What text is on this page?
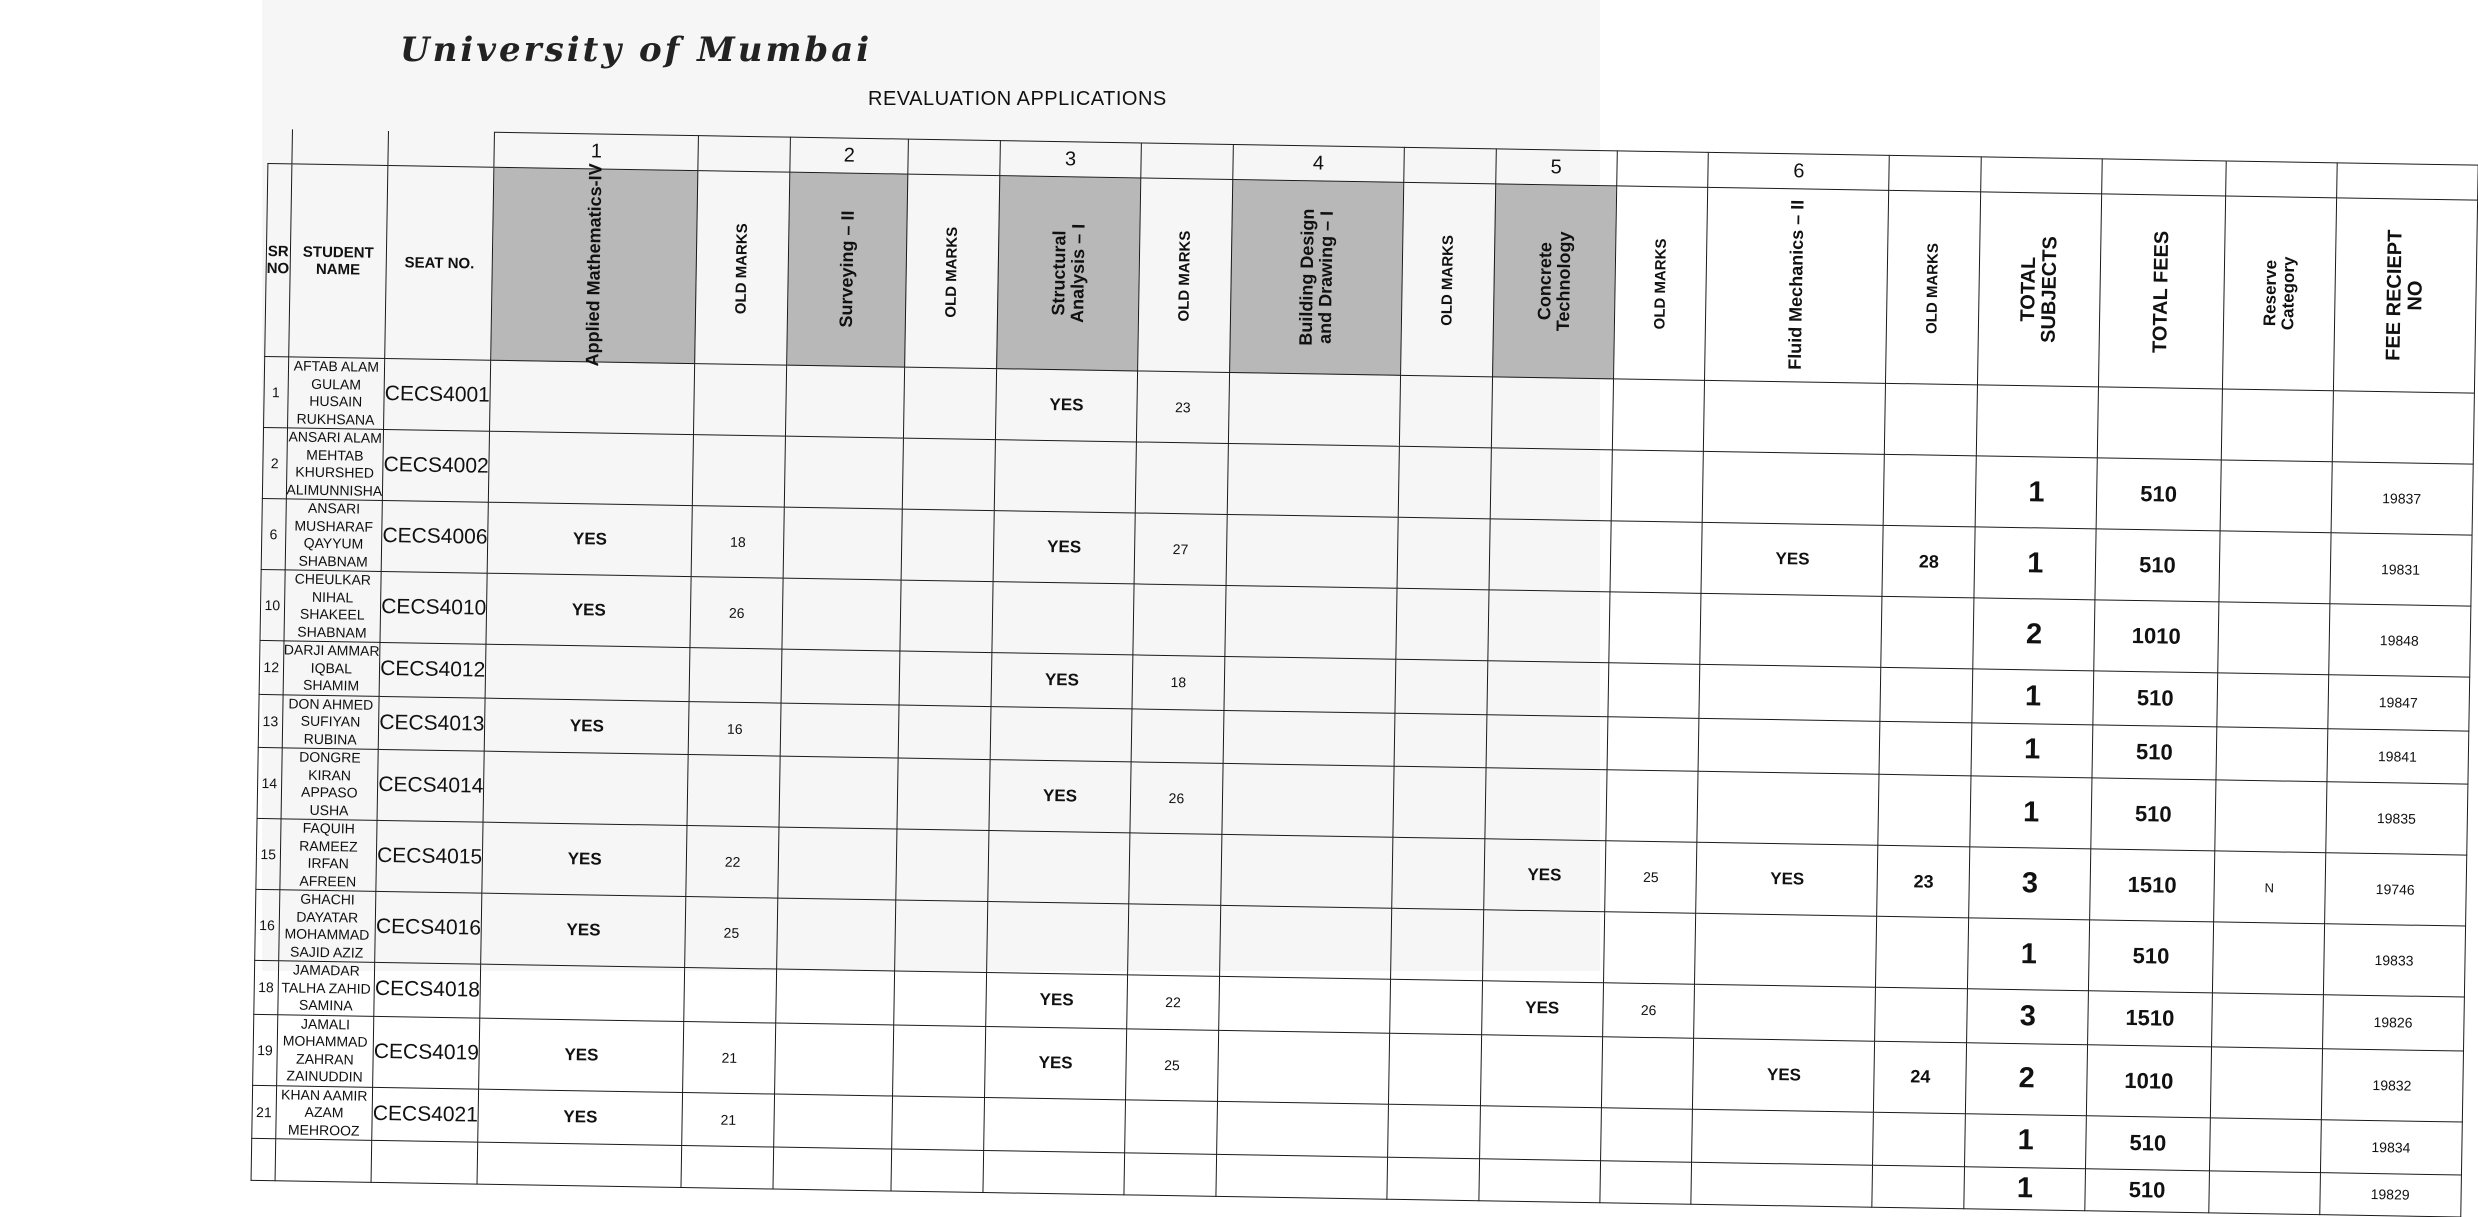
University of Mumbai
REVALUATION APPLICATIONS
			1		2		3		4		5		6					
SR NO	STUDENT NAME	SEAT NO.	Applied Mathematics-IV	OLD MARKS	Surveying – II	OLD MARKS	Structural Analysis – I	OLD MARKS	Building Design and Drawing – I	OLD MARKS	Concrete Technology	OLD MARKS	Fluid Mechanics – II	OLD MARKS	TOTAL SUBJECTS	TOTAL FEES	Reserve Category	FEE RECIEPT NO
1	AFTAB ALAM GULAM HUSAIN RUKHSANA	CECS4001					YES	23										
2	ANSARI ALAM MEHTAB KHURSHED ALIMUNNISHA	CECS4002													1	510		19837
6	ANSARI MUSHARAF QAYYUM SHABNAM	CECS4006	YES	18			YES	27					YES	28	1	510		19831
10	CHEULKAR NIHAL SHAKEEL SHABNAM	CECS4010	YES	26											2	1010		19848
12	DARJI AMMAR IQBAL SHAMIM	CECS4012					YES	18							1	510		19847
13	DON AHMED SUFIYAN RUBINA	CECS4013	YES	16											1	510		19841
14	DONGRE KIRAN APPASO USHA	CECS4014					YES	26							1	510		19835
15	FAQUIH RAMEEZ IRFAN AFREEN	CECS4015	YES	22							YES	25	YES	23	3	1510	N	19746
16	GHACHI DAYATAR MOHAMMAD SAJID AZIZ	CECS4016	YES	25											1	510		19833
18	JAMADAR TALHA ZAHID SAMINA	CECS4018					YES	22			YES	26			3	1510		19826
19	JAMALI MOHAMMAD ZAHRAN ZAINUDDIN	CECS4019	YES	21			YES	25					YES	24	2	1010		19832
21	KHAN AAMIR AZAM MEHROOZ	CECS4021	YES	21											1	510		19834
															1	510		19829
